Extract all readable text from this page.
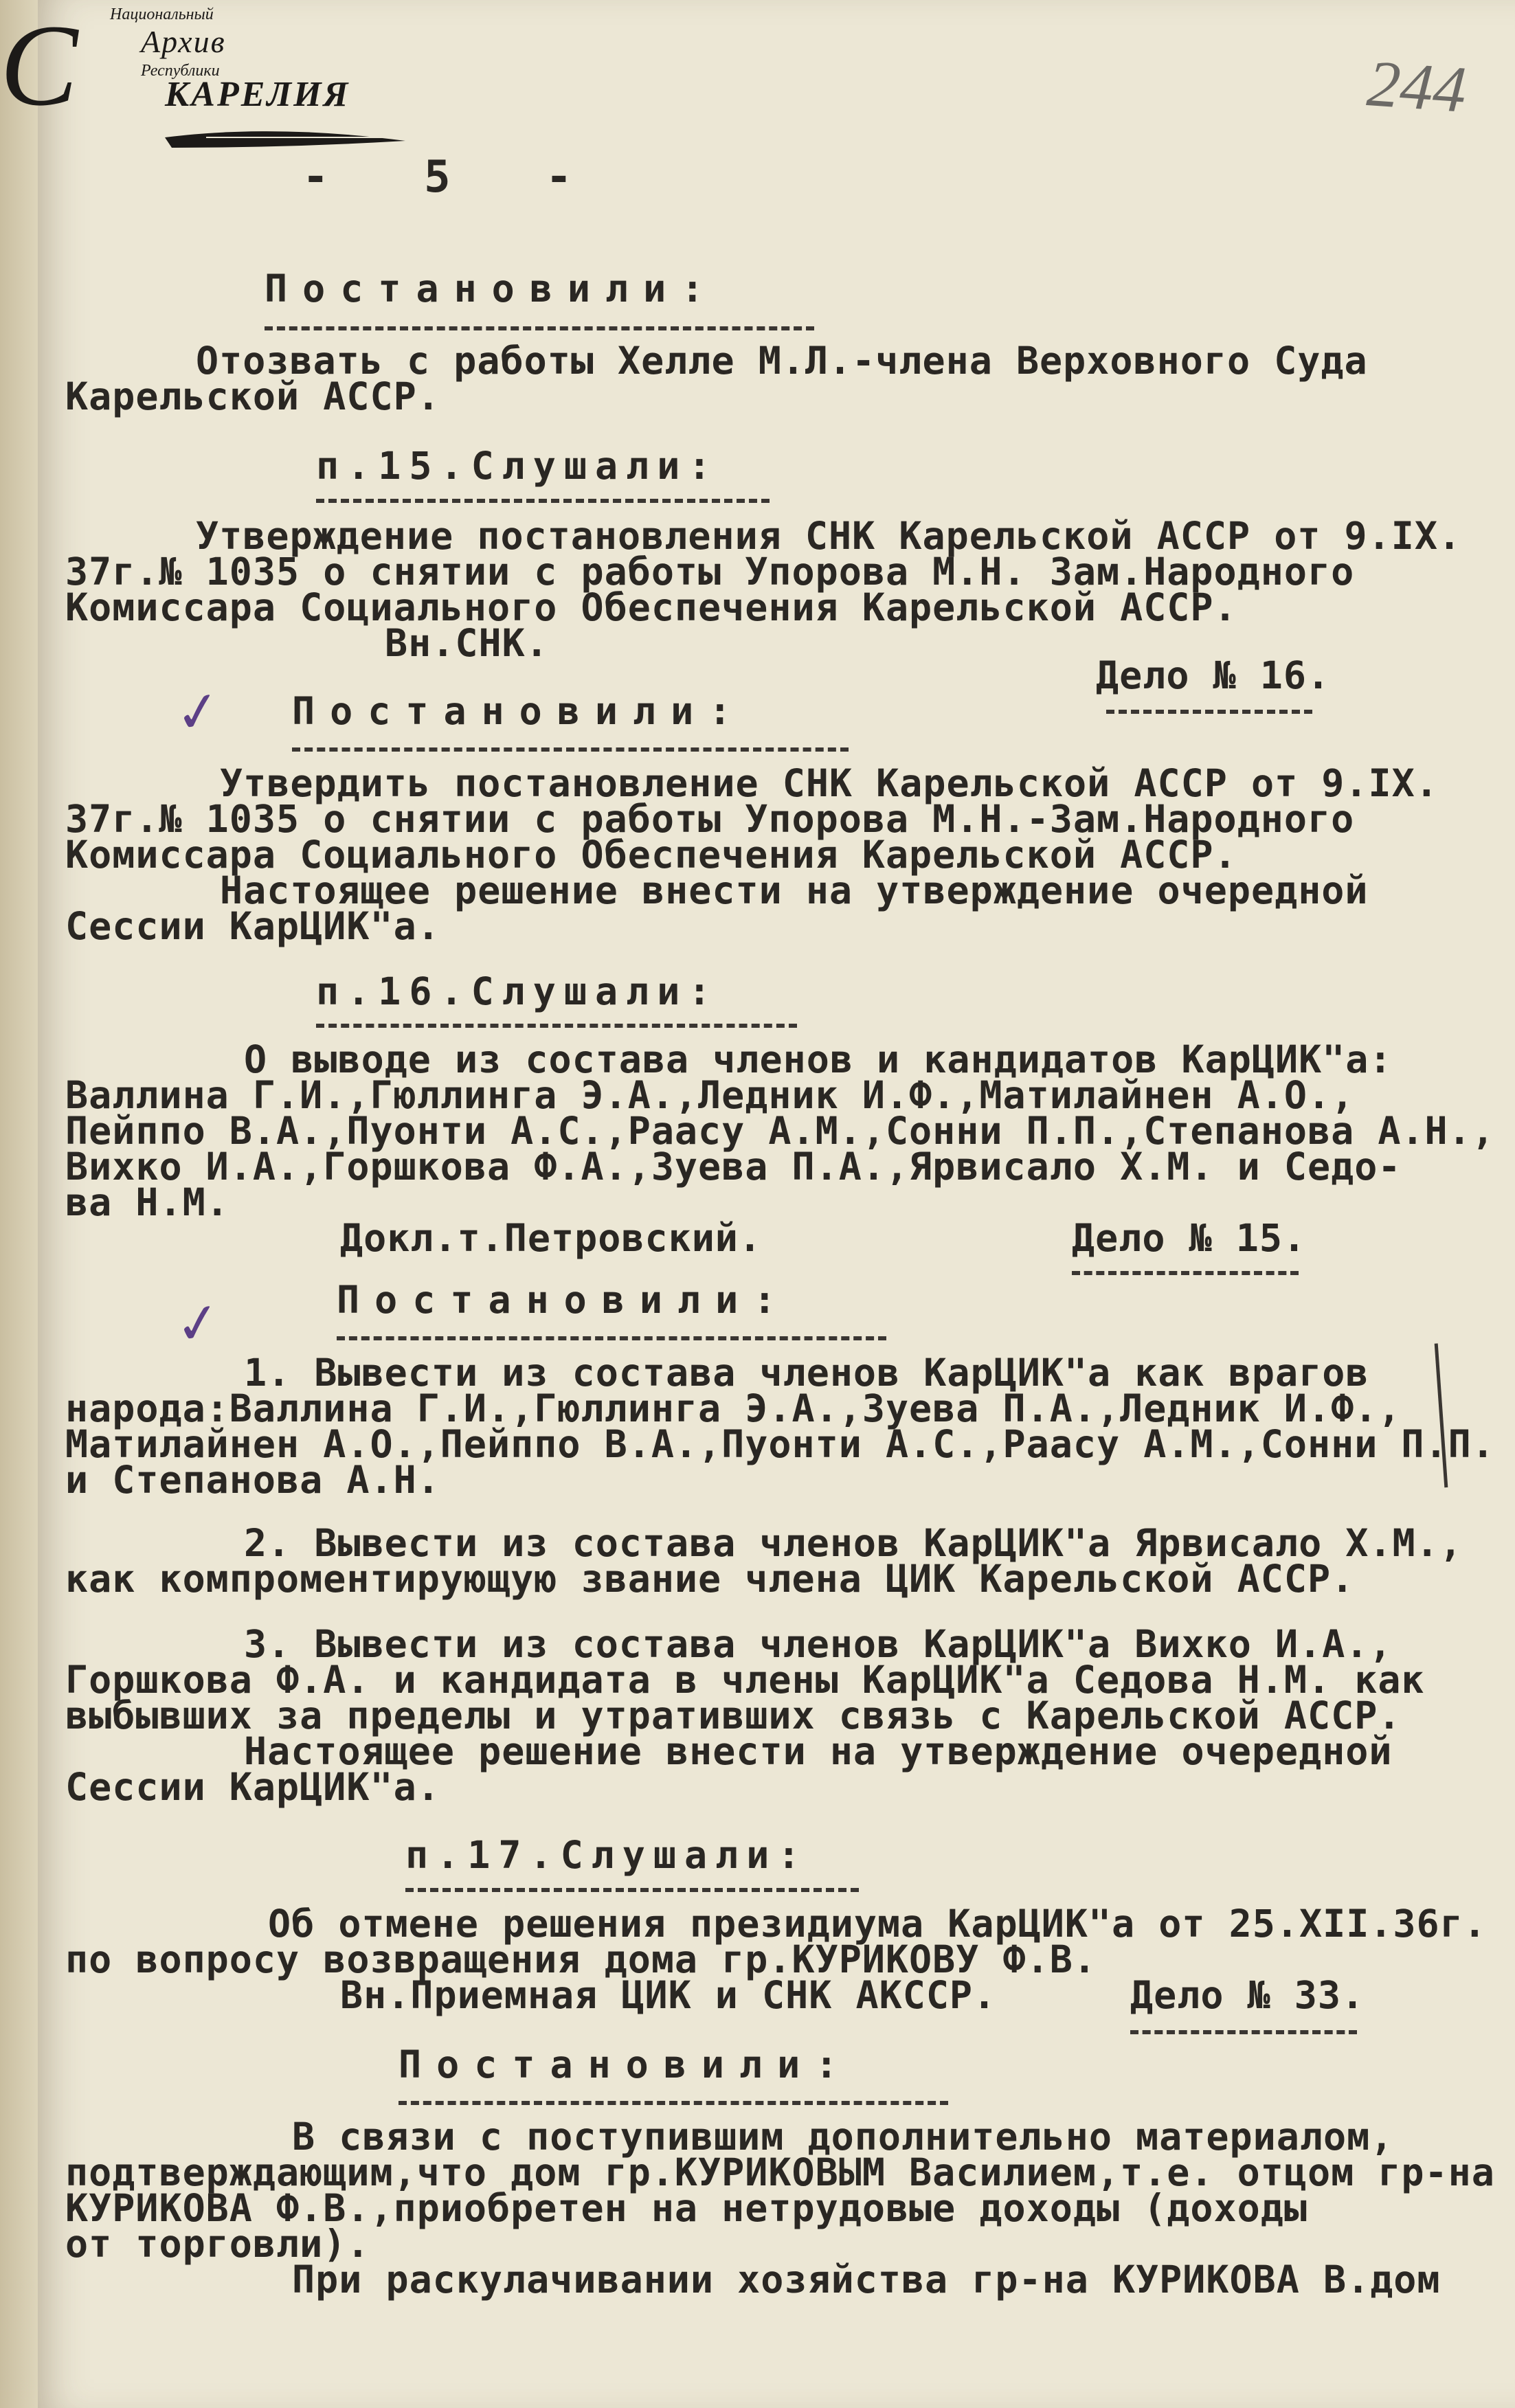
С Национальный
Архив
Республики
КАРЕЛИЯ	244
- 5 -
Постановили:
Отозвать с работы Хелле М.Л.-члена Верховного Суда
Карельской АССР.
п.15.Слушали:
Утверждение постановления СНК Карельской АССР от 9.IX.
37г.№ 1035 о снятии с работы Упорова М.Н. Зам.Народного
Комиссара Социального Обеспечения Карельской АССР.
Вн.СНК.
Дело № 16.
✓ Постановили:
Утвердить постановление СНК Карельской АССР от 9.IX.
37г.№ 1035 о снятии с работы Упорова М.Н.-Зам.Народного
Комиссара Социального Обеспечения Карельской АССР.
Настоящее решение внести на утверждение очередной
Сессии КарЦИК"а.
п.16.Слушали:
О выводе из состава членов и кандидатов КарЦИК"а:
Валлина Г.И.,Гюллинга Э.А.,Ледник И.Ф.,Матилайнен А.О.,
Пейппо В.А.,Пуонти А.С.,Раасу А.М.,Сонни П.П.,Степанова А.Н.,
Вихко И.А.,Горшкова Ф.А.,Зуева П.А.,Ярвисало Х.М. и Седо-
ва Н.М.
Докл.т.Петровский.	Дело № 15.
✓	Постановили:
1. Вывести из состава членов КарЦИК"а как врагов
народа:Валлина Г.И.,Гюллинга Э.А.,Зуева П.А.,Ледник И.Ф.,
Матилайнен А.О.,Пейппо В.А.,Пуонти А.С.,Раасу А.М.,Сонни П.П.
и Степанова А.Н.
2. Вывести из состава членов КарЦИК"а Ярвисало Х.М.,
как компроментирующую звание члена ЦИК Карельской АССР.
3. Вывести из состава членов КарЦИК"а Вихко И.А.,
Горшкова Ф.А. и кандидата в члены КарЦИК"а Седова Н.М. как
выбывших за пределы и утративших связь с Карельской АССР.
Настоящее решение внести на утверждение очередной
Сессии КарЦИК"а.
п.17.Слушали:
Об отмене решения президиума КарЦИК"а от 25.XII.36г.
по вопросу возвращения дома гр.КУРИКОВУ Ф.В.
Вн.Приемная ЦИК и СНК АКССР.	Дело № 33.
Постановили:
В связи с поступившим дополнительно материалом,
подтверждающим,что дом гр.КУРИКОВЫМ Василием,т.е. отцом гр-на
КУРИКОВА Ф.В.,приобретен на нетрудовые доходы (доходы
от торговли).
При раскулачивании хозяйства гр-на КУРИКОВА В.дом
